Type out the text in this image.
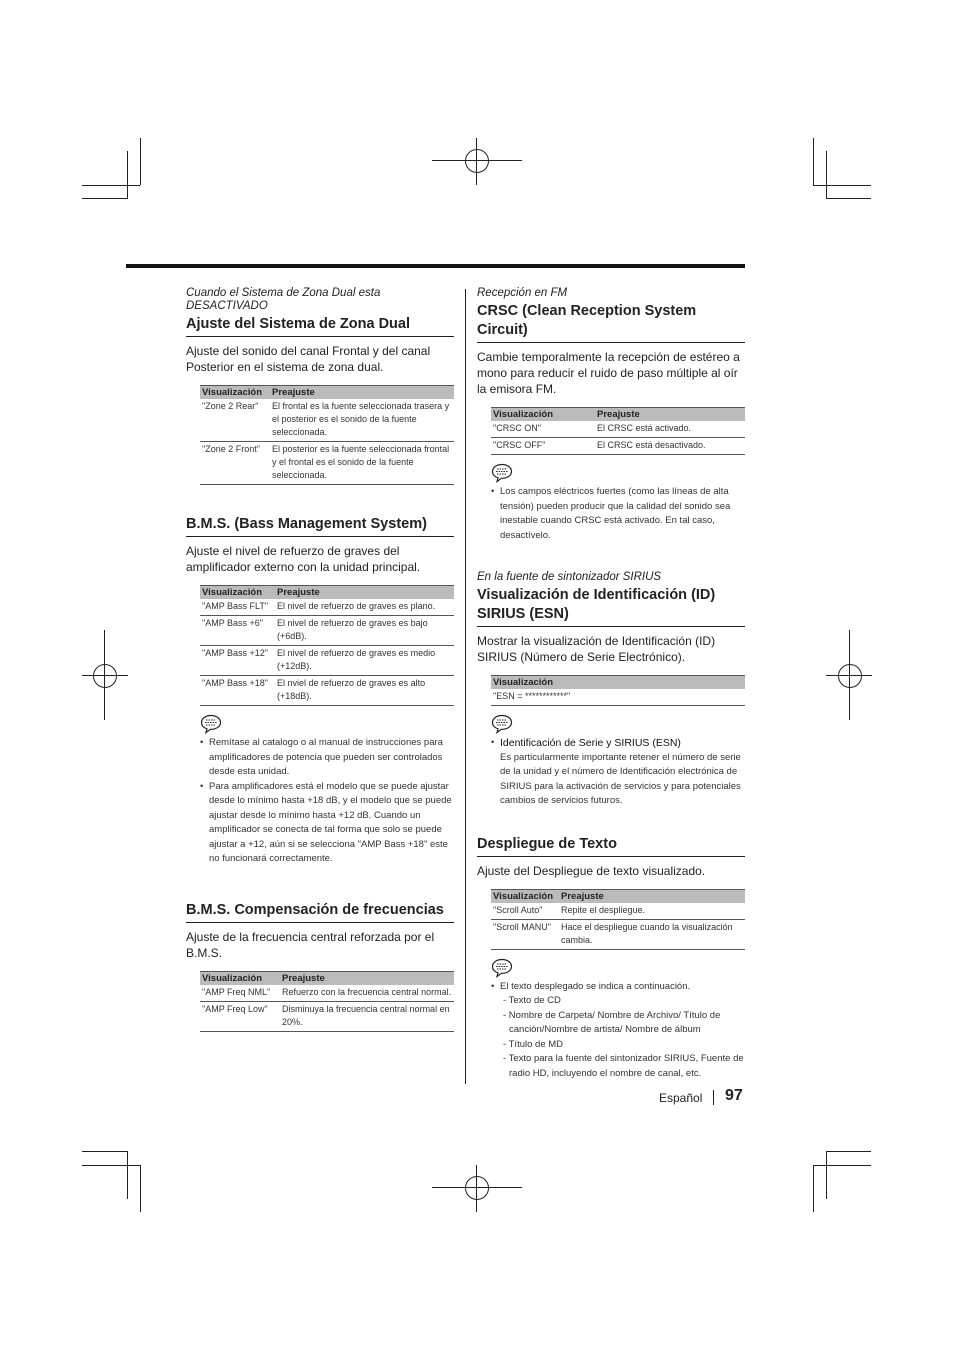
Cuando el Sistema de Zona Dual esta DESACTIVADO

Ajuste del Sistema de Zona Dual

Ajuste del sonido del canal Frontal y del canal Posterior en el sistema de zona dual.

Visualización	Preajuste
"Zone 2 Rear"	El frontal es la fuente seleccionada trasera y el posterior es el sonido de la fuente seleccionada.
"Zone 2 Front"	El posterior es la fuente seleccionada frontal y el frontal es el sonido de la fuente seleccionada.
B.M.S. (Bass Management System)

Ajuste el nivel de refuerzo de graves del amplificador externo con la unidad principal.

Visualización	Preajuste
"AMP Bass FLT"	El nivel de refuerzo de graves es plano.
"AMP Bass +6"	El nivel de refuerzo de graves es bajo (+6dB).
"AMP Bass +12"	El nivel de refuerzo de graves es medio (+12dB).
"AMP Bass +18"	El nviel de refuerzo de graves es alto (+18dB).
• Remítase al catalogo o al manual de instrucciones para amplificadores de potencia que pueden ser controlados desde esta unidad.
• Para amplificadores está el modelo que se puede ajustar desde lo mínimo hasta +18 dB, y el modelo que se puede ajustar desde lo mínimo hasta +12 dB. Cuando un amplificador se conecta de tal forma que solo se puede ajustar a +12, aún si se selecciona "AMP Bass +18" este no funcionará correctamente.
B.M.S. Compensación de frecuencias

Ajuste de la frecuencia central reforzada por el B.M.S.

Visualización	Preajuste
"AMP Freq NML"	Refuerzo con la frecuencia central normal.
"AMP Freq Low"	Disminuya la frecuencia central normal en 20%.

Recepción en FM

CRSC (Clean Reception System Circuit)

Cambie temporalmente la recepción de estéreo a mono para reducir el ruido de paso múltiple al oír la emisora FM.

Visualización	Preajuste
"CRSC ON"	El CRSC está activado.
"CRSC OFF"	El CRSC está desactivado.
• Los campos eléctricos fuertes (como las líneas de alta tensión) pueden producir que la calidad del sonido sea inestable cuando CRSC está activado. En tal caso, desactívelo.

En la fuente de sintonizador SIRIUS

Visualización de Identificación (ID) SIRIUS (ESN)

Mostrar la visualización de Identificación (ID) SIRIUS (Número de Serie Electrónico).

Visualización
"ESN = ************"
• Identificación de Serie y SIRIUS (ESN)
Es particularmente importante retener el número de serie de la unidad y el número de Identificación electrónica de SIRIUS para la activación de servicios y para potenciales cambios de servicios futuros.
Despliegue de Texto

Ajuste del Despliegue de texto visualizado.

Visualización	Preajuste
"Scroll Auto"	Repite el despliegue.
"Scroll MANU"	Hace el despliegue cuando la visualización cambia.
• El texto desplegado se indica a continuación.
- Texto de CD
- Nombre de Carpeta/ Nombre de Archivo/ Título de canción/Nombre de artista/ Nombre de álbum
- Título de MD
- Texto para la fuente del sintonizador SIRIUS, Fuente de radio HD, incluyendo el nombre de canal, etc.
Español 97
